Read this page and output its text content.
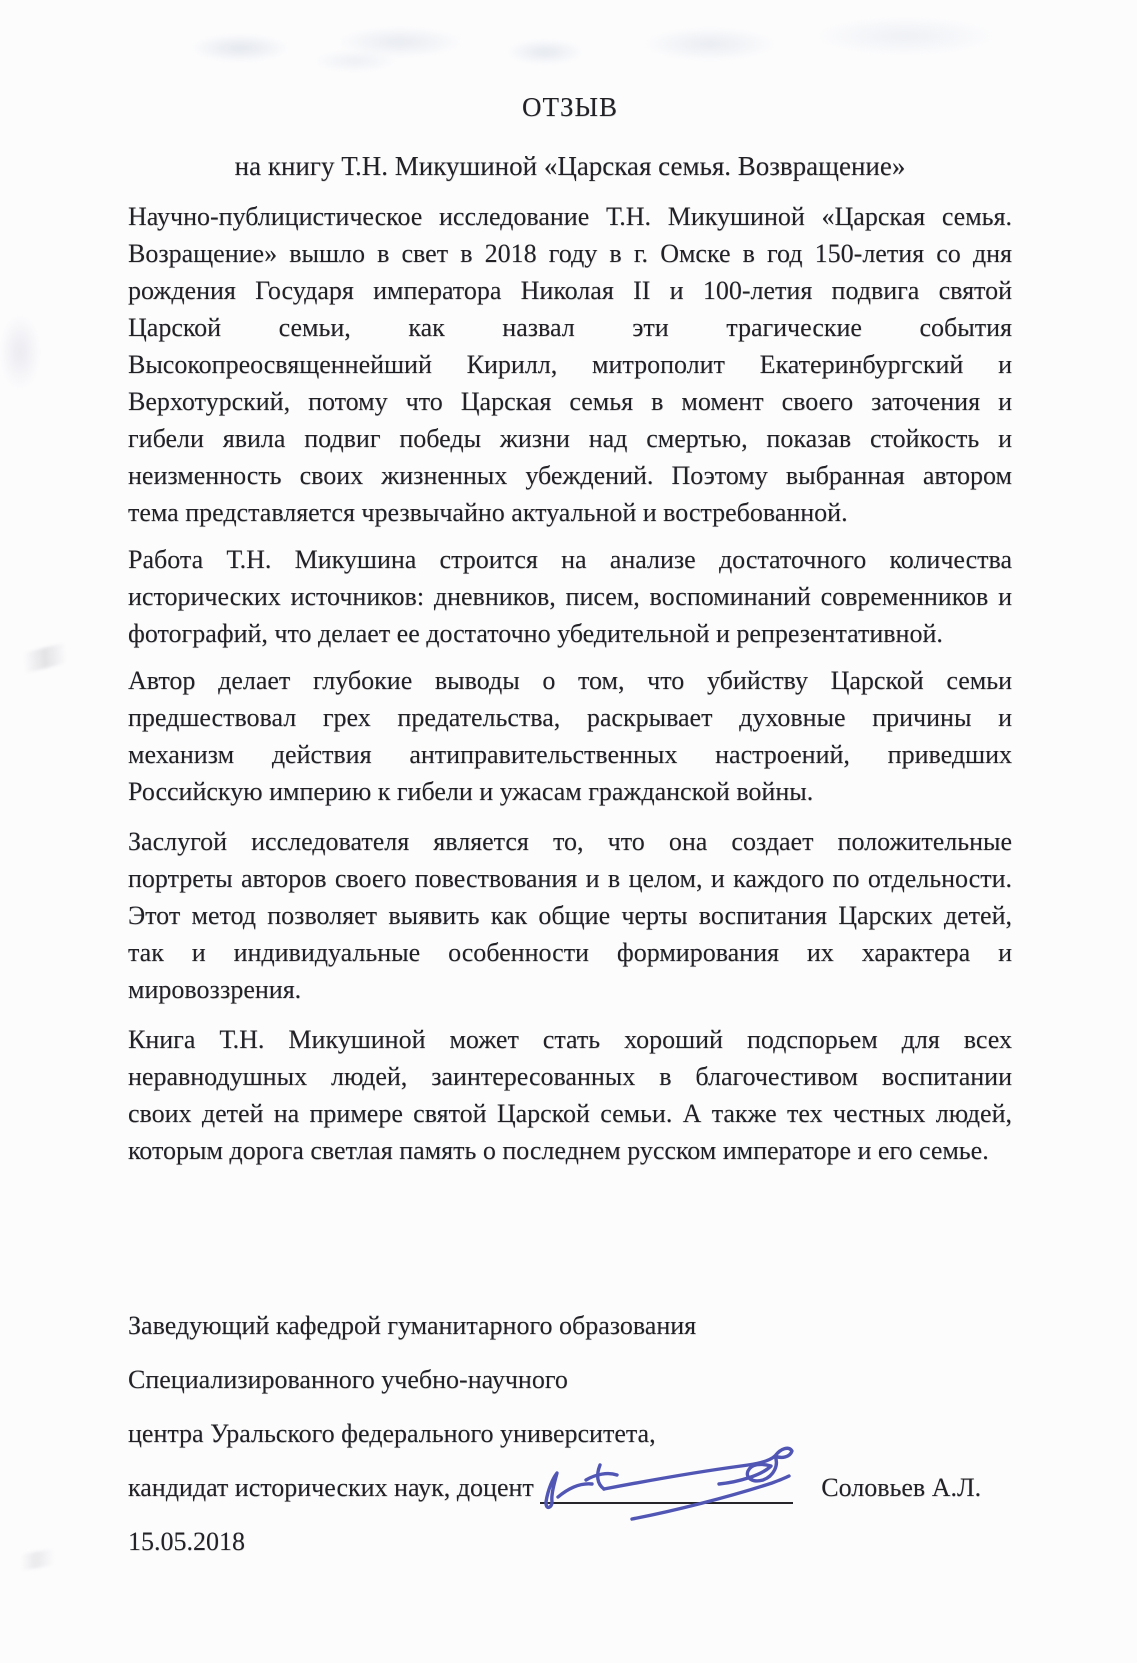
ОТЗЫВ
на книгу Т.Н. Микушиной «Царская семья. Возвращение»
Научно-публицистическое исследование Т.Н. Микушиной «Царская семья.
Возращение» вышло в свет в 2018 году в г. Омске в год 150-летия со дня
рождения Государя императора Николая II и 100-летия подвига святой
Царской семьи, как назвал эти трагические события
Высокопреосвященнейший Кирилл, митрополит Екатеринбургский и
Верхотурский, потому что Царская семья в момент своего заточения и
гибели явила подвиг победы жизни над смертью, показав стойкость и
неизменность своих жизненных убеждений. Поэтому выбранная автором
тема представляется чрезвычайно актуальной и востребованной.
Работа Т.Н. Микушина строится на анализе достаточного количества
исторических источников: дневников, писем, воспоминаний современников и
фотографий, что делает ее достаточно убедительной и репрезентативной.
Автор делает глубокие выводы о том, что убийству Царской семьи
предшествовал грех предательства, раскрывает духовные причины и
механизм действия антиправительственных настроений, приведших
Российскую империю к гибели и ужасам гражданской войны.
Заслугой исследователя является то, что она создает положительные
портреты авторов своего повествования и в целом, и каждого по отдельности.
Этот метод позволяет выявить как общие черты воспитания Царских детей,
так и индивидуальные особенности формирования их характера и
мировоззрения.
Книга Т.Н. Микушиной может стать хороший подспорьем для всех
неравнодушных людей, заинтересованных в благочестивом воспитании
своих детей на примере святой Царской семьи. А также тех честных людей,
которым дорога светлая память о последнем русском императоре и его семье.
Заведующий кафедрой гуманитарного образования
Специализированного учебно-научного
центра Уральского федерального университета,
кандидат исторических наук, доцент	Соловьев А.Л.
15.05.2018
